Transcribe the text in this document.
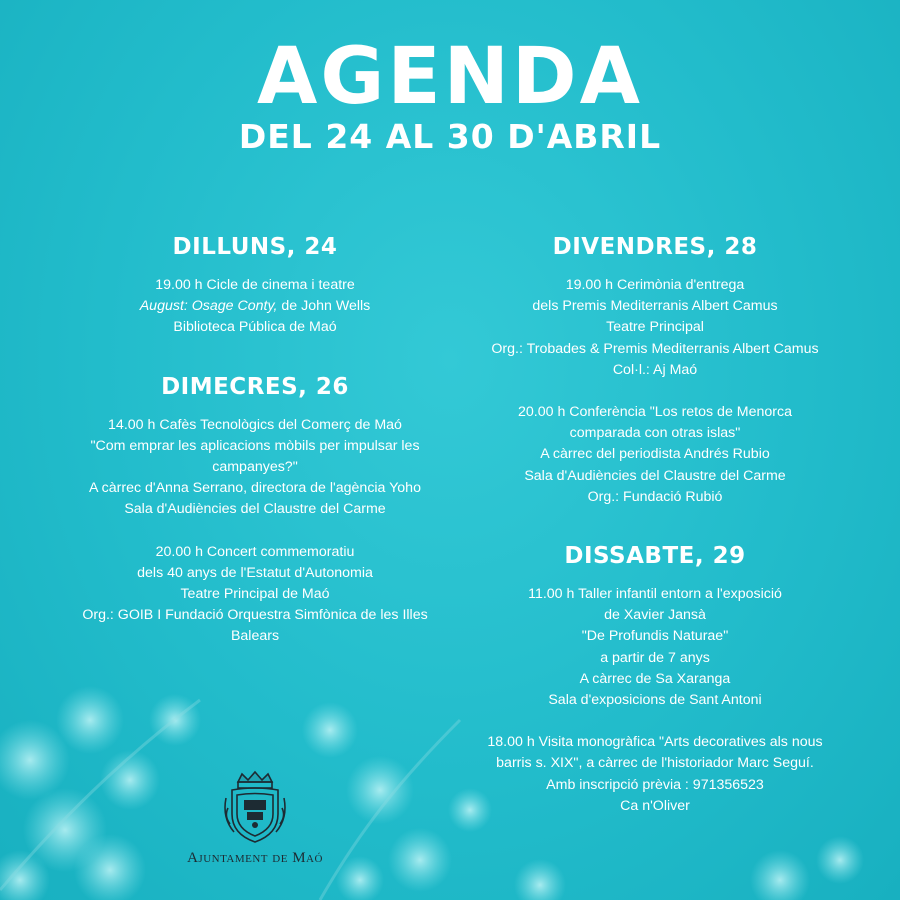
AGENDA
DEL 24 AL 30 D'ABRIL
DILLUNS, 24
19.00 h Cicle de cinema i teatre
August: Osage Conty, de John Wells
Biblioteca Pública de Maó
DIMECRES, 26
14.00 h Cafès Tecnològics del Comerç de Maó
"Com emprar les aplicacions mòbils per impulsar les
campanyes?"
A càrrec d'Anna Serrano, directora de l'agència Yoho
Sala d'Audiències del Claustre del Carme
20.00 h Concert commemoratiu
dels 40 anys de l'Estatut d'Autonomia
Teatre Principal de Maó
Org.: GOIB I Fundació Orquestra Simfònica de les Illes
Balears
DIVENDRES, 28
19.00 h Cerimònia d'entrega
dels Premis Mediterranis Albert Camus
Teatre Principal
Org.: Trobades & Premis Mediterranis Albert Camus
Col·l.: Aj Maó
20.00 h Conferència "Los retos de Menorca
comparada con otras islas"
A càrrec del periodista Andrés Rubio
Sala d'Audiències del Claustre del Carme
Org.: Fundació Rubió
DISSABTE, 29
11.00 h Taller infantil entorn a l'exposició
de Xavier Jansà
"De Profundis Naturae"
a partir de 7 anys
A càrrec de Sa Xaranga
Sala d'exposicions de Sant Antoni
18.00 h Visita monogràfica "Arts decoratives als nous
barris s. XIX", a càrrec de l'historiador Marc Seguí.
Amb inscripció prèvia : 971356523
Ca n'Oliver
Ajuntament de Maó
